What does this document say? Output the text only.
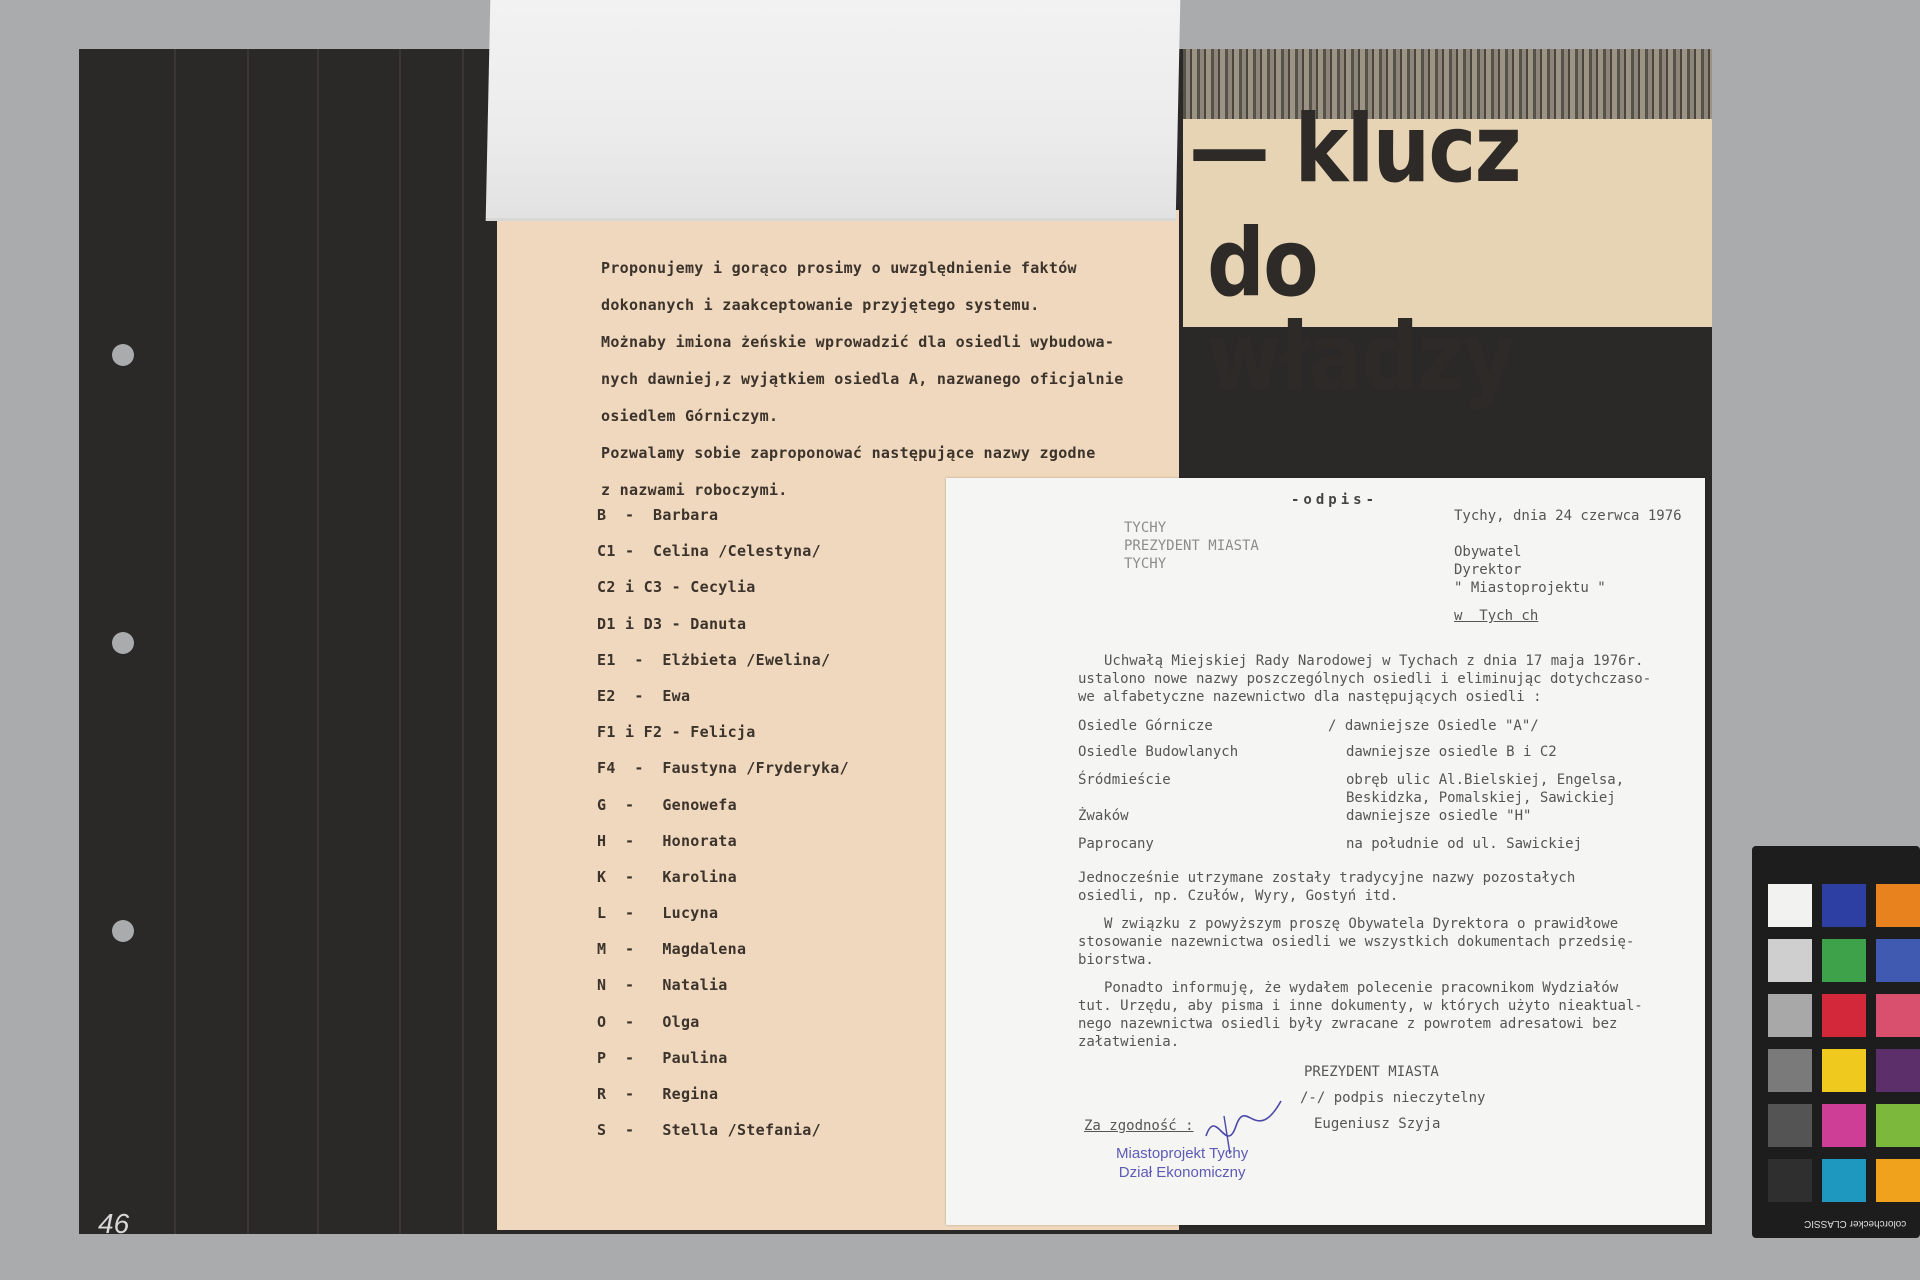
46
Proponujemy i gorąco prosimy o uwzględnienie faktów
dokonanych i zaakceptowanie przyjętego systemu.
Możnaby imiona żeńskie wprowadzić dla osiedli wybudowa-
nych dawniej,z wyjątkiem osiedla A, nazwanego oficjalnie
osiedlem Górniczym.
Pozwalamy sobie zaproponować następujące nazwy zgodne
z nazwami roboczymi.
B  -  Barbara
C1 -  Celina /Celestyna/
C2 i C3 - Cecylia
D1 i D3 - Danuta
E1  -  Elżbieta /Ewelina/
E2  -  Ewa
F1 i F2 - Felicja
F4  -  Faustyna /Fryderyka/
G  -   Genowefa
H  -   Honorata
K  -   Karolina
L  -   Lucyna
M  -   Magdalena
N  -   Natalia
O  -   Olga
P  -   Paulina
R  -   Regina
S  -   Stella /Stefania/
— klucz
do władzy
-odpis-
Tychy, dnia 24 czerwca 1976
TYCHY
PREZYDENT MIASTA
TYCHY
Obywatel
Dyrektor
" Miastoprojektu "
w  Tych ch
Uchwałą Miejskiej Rady Narodowej w Tychach z dnia 17 maja 1976r.
ustalono nowe nazwy poszczególnych osiedli i eliminując dotychczaso-
we alfabetyczne nazewnictwo dla następujących osiedli :
Osiedle Górnicze	/ dawniejsze Osiedle "A"/
Osiedle Budowlanych	dawniejsze osiedle B i C2
Śródmieście	obręb ulic Al.Bielskiej, Engelsa,
Beskidzka, Pomalskiej, Sawickiej
Żwaków	dawniejsze osiedle "H"
Paprocany	na południe od ul. Sawickiej
Jednocześnie utrzymane zostały tradycyjne nazwy pozostałych
osiedli, np. Czułów, Wyry, Gostyń itd.
W związku z powyższym proszę Obywatela Dyrektora o prawidłowe
stosowanie nazewnictwa osiedli we wszystkich dokumentach przedsię-
biorstwa.
Ponadto informuję, że wydałem polecenie pracownikom Wydziałów
tut. Urzędu, aby pisma i inne dokumenty, w których użyto nieaktual-
nego nazewnictwa osiedli były zwracane z powrotem adresatowi bez
załatwienia.
PREZYDENT MIASTA
/-/ podpis nieczytelny
Eugeniusz Szyja
Za zgodność :
Miastoprojekt Tychy
Dział Ekonomiczny
colorchecker CLASSIC
